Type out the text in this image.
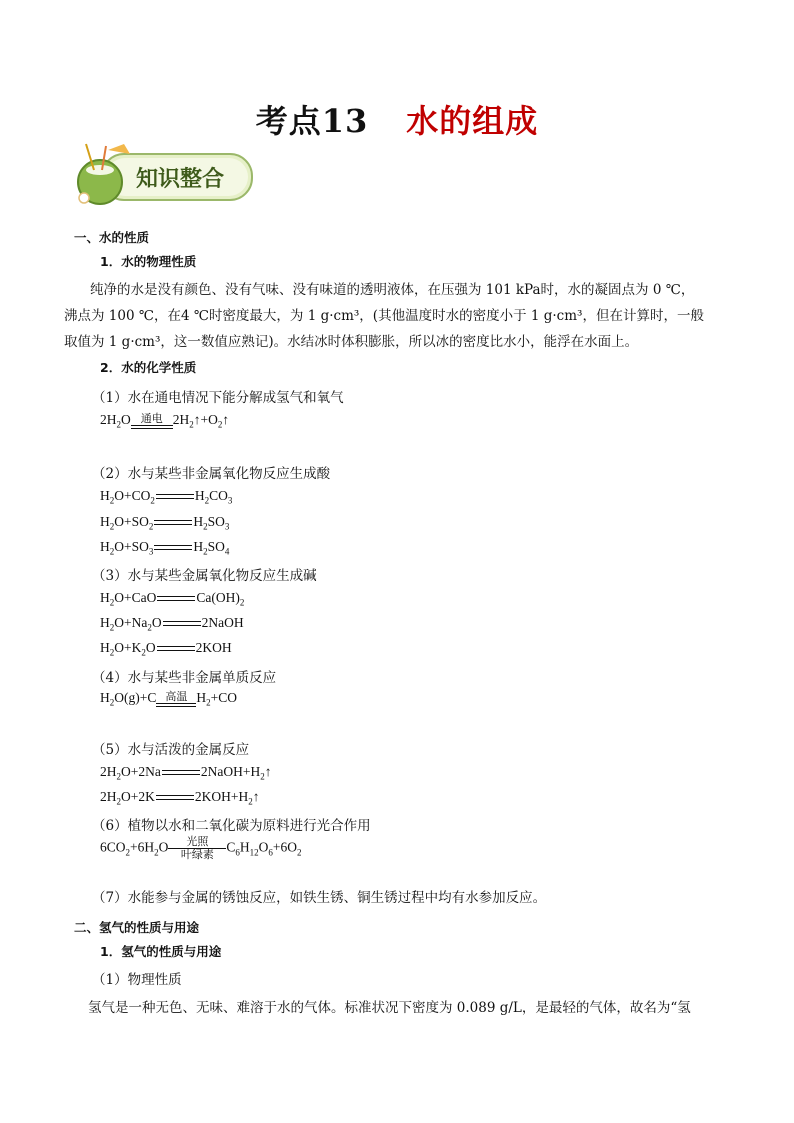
考点13 水的组成
知识整合
一、水的性质
1．水的物理性质
纯净的水是没有颜色、没有气味、没有味道的透明液体，在压强为 101 kPa时，水的凝固点为 0 ℃，
沸点为 100 ℃，在4 ℃时密度最大，为 1 g·cm³，(其他温度时水的密度小于 1 g·cm³，但在计算时，一般
取值为 1 g·cm³，这一数值应熟记)。水结冰时体积膨胀，所以冰的密度比水小，能浮在水面上。
2．水的化学性质
（1）水在通电情况下能分解成氢气和氧气
$2H_2O$ 通电 $2H_2↑+O_2↑$
（2）水与某些非金属氧化物反应生成酸
$H_2O+CO_2$	$H_2CO_3$
$H_2O+SO_2$	$H_2SO_3$
$H_2O+SO_3$	$H_2SO_4$
（3）水与某些金属氧化物反应生成碱
$H_2O+CaO$	$Ca(OH)_2$
$H_2O+Na_2O$	2NaOH
$H_2O+K_2O$	2KOH
（4）水与某些非金属单质反应
$H_2O(g)+C$ 高温 $H_2+CO$
（5）水与活泼的金属反应
$2H_2O+2Na$	$2NaOH+H_2↑$
$2H_2O+2K$	$2KOH+H_2↑$
（6）植物以水和二氧化碳为原料进行光合作用
$6CO_2+6H_2O$	光照
叶绿素 $C_6H_{12}O_6+6O_2$
（7）水能参与金属的锈蚀反应，如铁生锈、铜生锈过程中均有水参加反应。
二、氢气的性质与用途
1．氢气的性质与用途
（1）物理性质
氢气是一种无色、无味、难溶于水的气体。标准状况下密度为 0.089 g/L，是最轻的气体，故名为“氢
